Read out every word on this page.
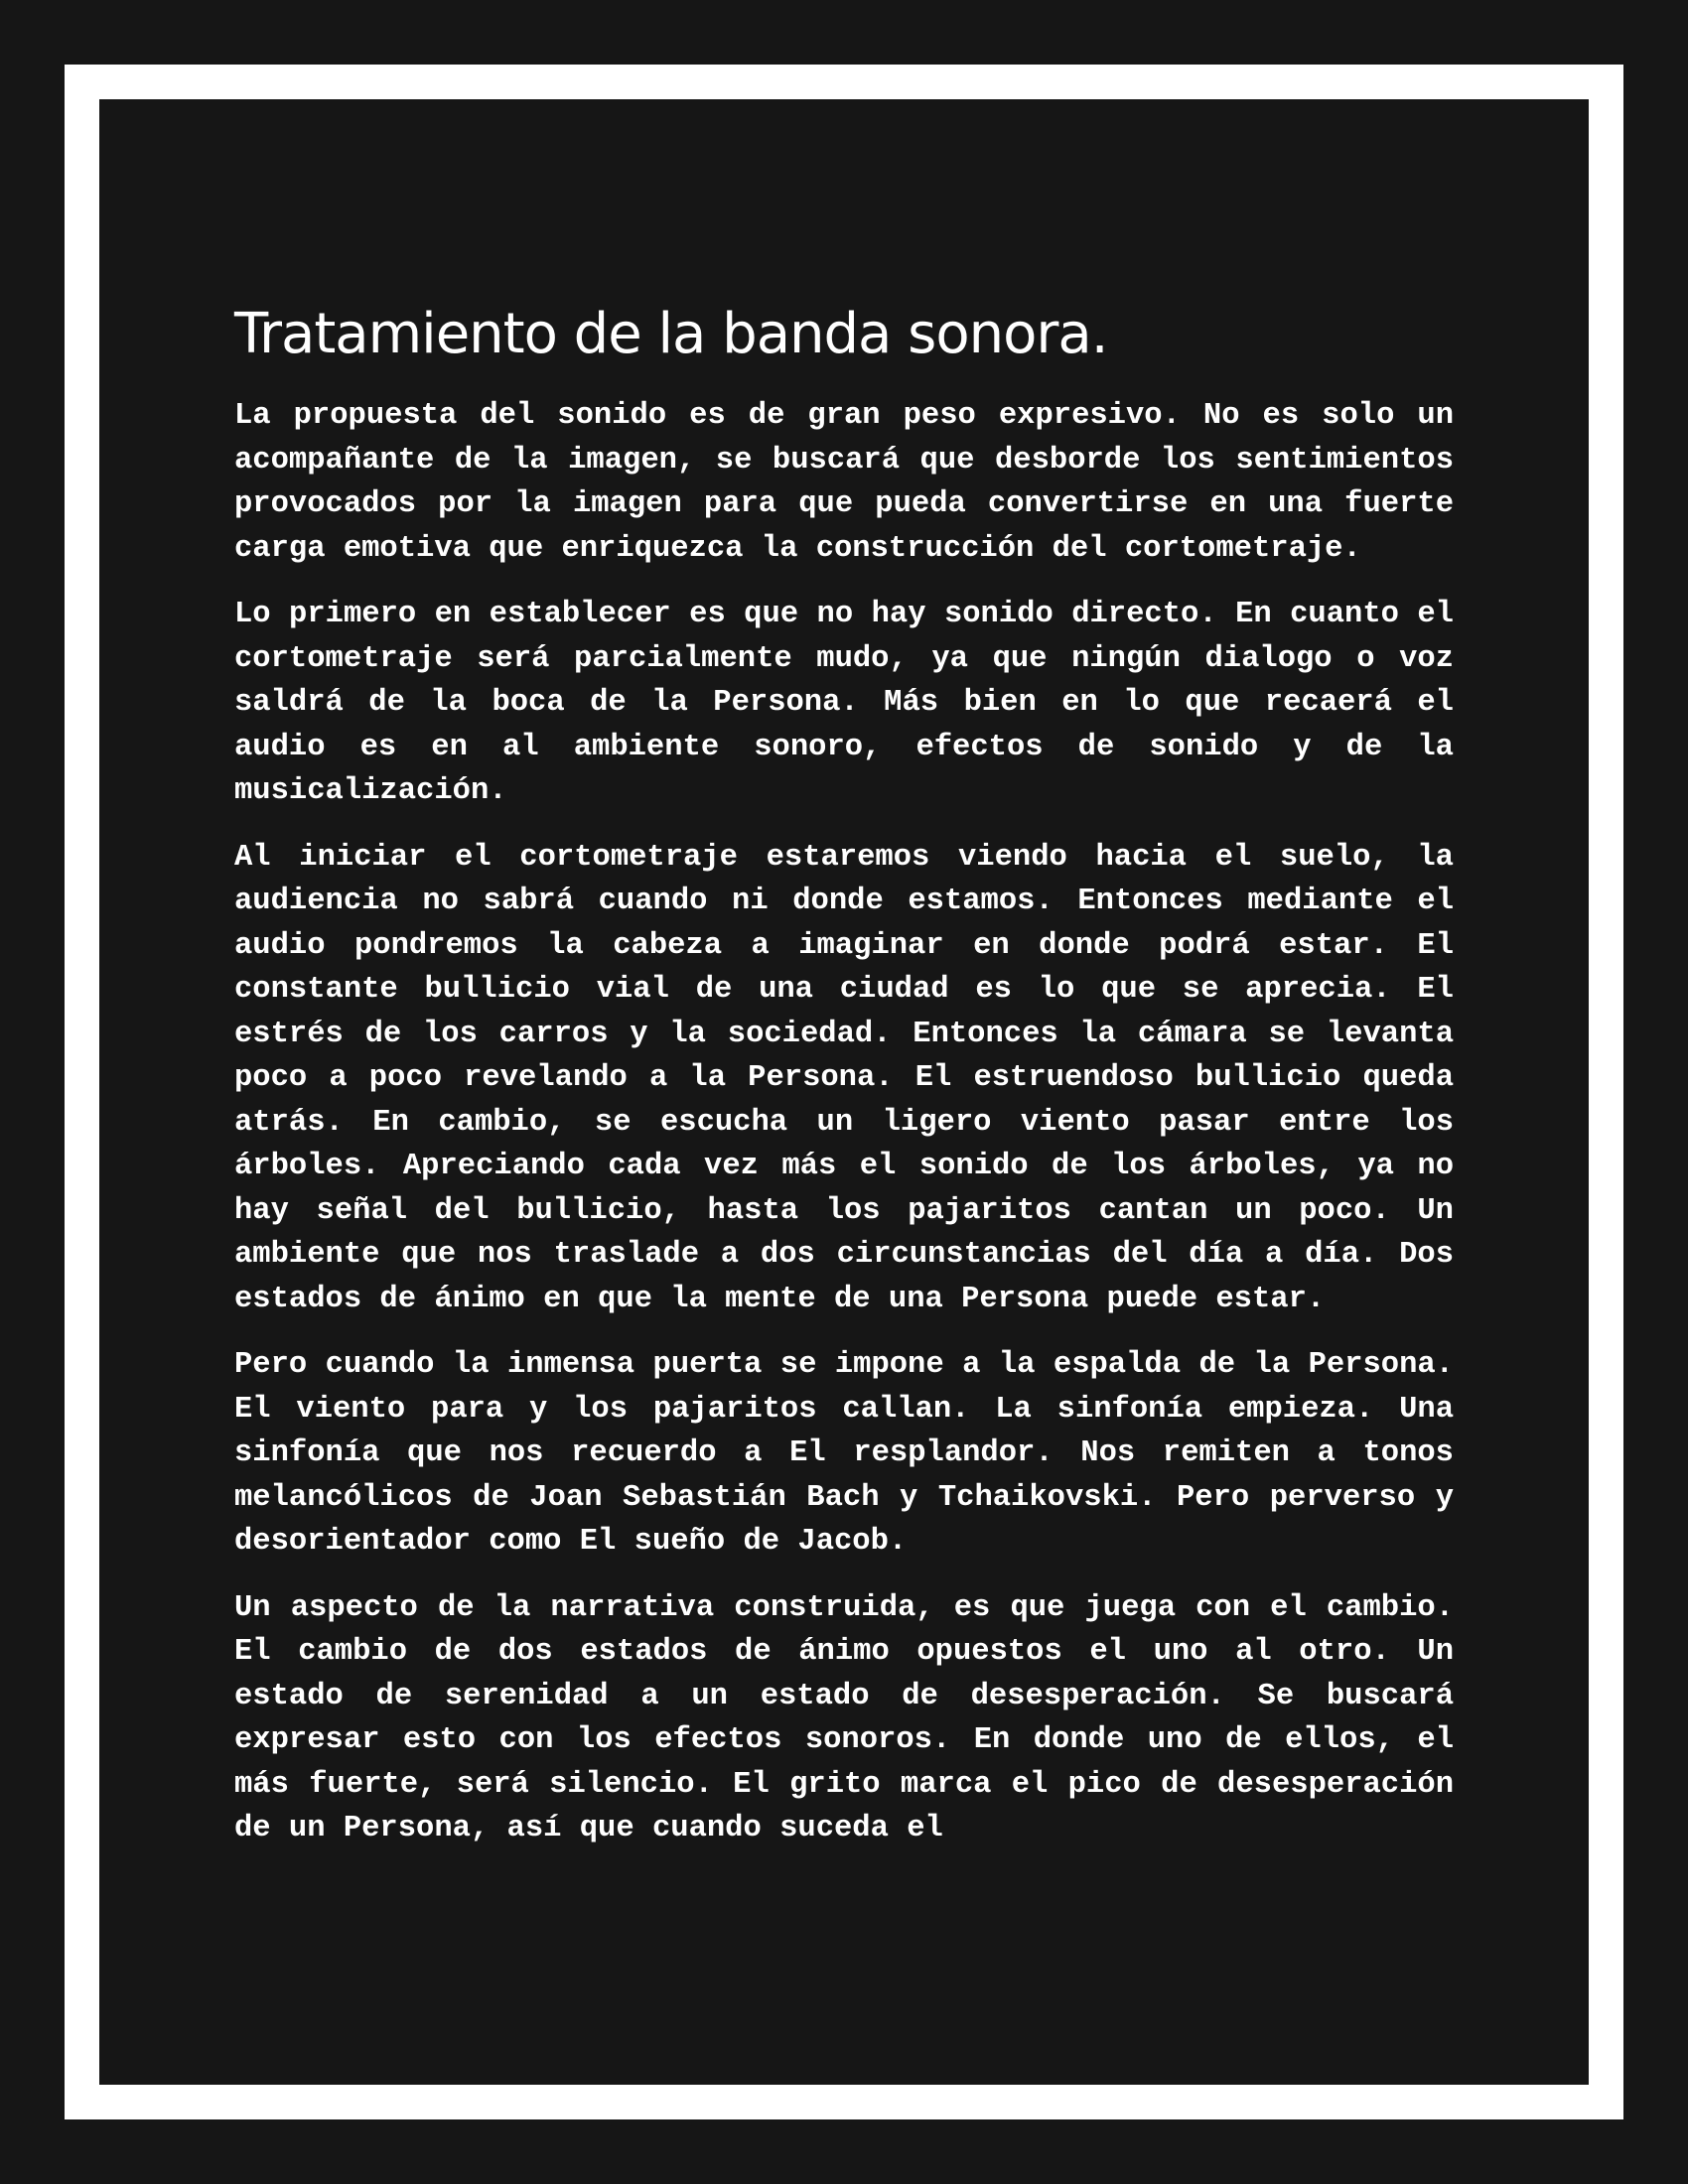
Tratamiento de la banda sonora.

La propuesta del sonido es de gran peso expresivo. No es solo un acompañante de la imagen, se buscará que desborde los sentimientos provocados por la imagen para que pueda convertirse en una fuerte carga emotiva que enriquezca la construcción del cortometraje.

Lo primero en establecer es que no hay sonido directo. En cuanto el cortometraje será parcialmente mudo, ya que ningún dialogo o voz saldrá de la boca de la Persona. Más bien en lo que recaerá el audio es en al ambiente sonoro, efectos de sonido y de la musicalización.

Al iniciar el cortometraje estaremos viendo hacia el suelo, la audiencia no sabrá cuando ni donde estamos. Entonces mediante el audio pondremos la cabeza a imaginar en donde podrá estar. El constante bullicio vial de una ciudad es lo que se aprecia. El estrés de los carros y la sociedad. Entonces la cámara se levanta poco a poco revelando a la Persona. El estruendoso bullicio queda atrás. En cambio, se escucha un ligero viento pasar entre los árboles. Apreciando cada vez más el sonido de los árboles, ya no hay señal del bullicio, hasta los pajaritos cantan un poco. Un ambiente que nos traslade a dos circunstancias del día a día. Dos estados de ánimo en que la mente de una Persona puede estar.

Pero cuando la inmensa puerta se impone a la espalda de la Persona. El viento para y los pajaritos callan. La sinfonía empieza. Una sinfonía que nos recuerdo a El resplandor. Nos remiten a tonos melancólicos de Joan Sebastián Bach y Tchaikovski. Pero perverso y desorientador como El sueño de Jacob.

Un aspecto de la narrativa construida, es que juega con el cambio. El cambio de dos estados de ánimo opuestos el uno al otro. Un estado de serenidad a un estado de desesperación. Se buscará expresar esto con los efectos sonoros. En donde uno de ellos, el más fuerte, será silencio. El grito marca el pico de desesperación de un Persona, así que cuando suceda el
